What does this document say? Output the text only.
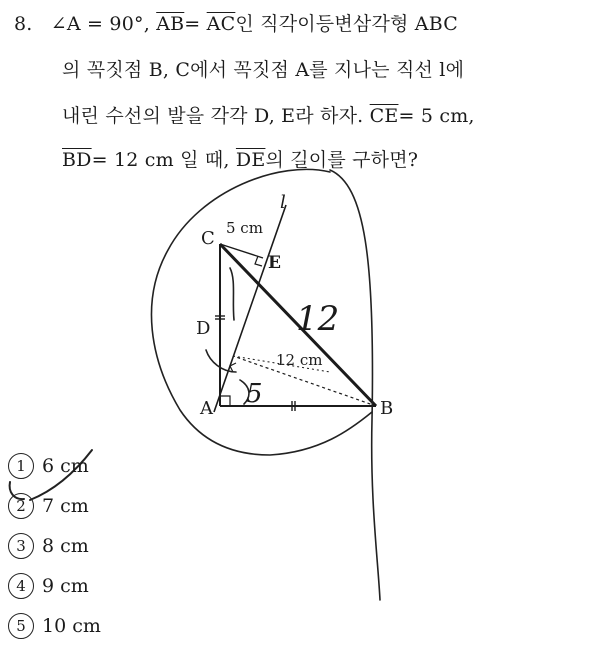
8. ∠A = 90°, $\overline{AB}= \overline{AC}$인 직각이등변삼각형 ABC
의 꼭짓점 B, C에서 꼭짓점 A를 지나는 직선 l에
내린 수선의 발을 각각 D, E라 하자. $\overline{CE}= 5$ cm,
$\overline{BD}= 12$ cm 일 때, $\overline{DE}$의 길이를 구하면?
C
A	B
D
E
l
5 cm
12 cm
12
5
1 6 cm
2 7 cm
3 8 cm
4 9 cm
5 10 cm
